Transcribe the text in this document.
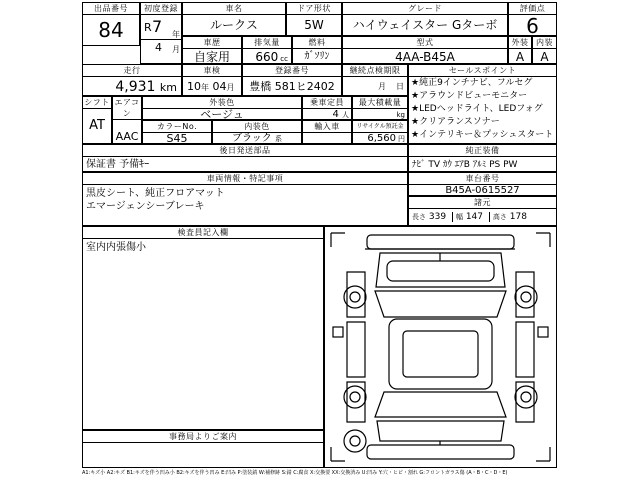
出品番号
84
初度登録
R 7 年
4 月
車名
ルークス
ドア形状
5W
グレード
ハイウェイスター Gターボ
評価点
6
車歴
自家用
排気量
660 cc
燃料
ｶﾞｿﾘﾝ
型式
4AA-B45A
外装
A
内装
A
走行
4,931 km
車検
10年 04月
登録番号
豊橋 581ヒ2402
継続点検期限
月 日
セールスポイント
★純正9インチナビ、フルセグ
★アラウンドビューモニター
★LEDヘッドライト、LEDフォグ
★クリアランスソナー
★インテリキー＆プッシュスタート
シフト
AT
エアコン
AAC
外装色
ベージュ
乗車定員
4 人
最大積載量
kg
カラーNo.
S45
内装色
ブラック 系
輸入車	リサイクル預託金
6,560 円
後日発送部品
保証書 予備ｷｰ
純正装備
ﾅﾋﾞ TV ｶｳ ｴｱB ｱﾙﾐ PS PW
車両情報・特記事項
黒皮シート、純正フロアマット
エマージェンシーブレーキ
車台番号
B45A-0615527
諸元
長さ 339 幅 147 高さ 178
検査員記入欄
室内内張傷小
事務局よりご案内
A1:キズ小 A2:キズ B1:キズを伴う凹み小 B2:キズを伴う凹み E:凹み P:塗装錆 W:補修跡 S:錆 C:腐食 X:交換要 XX:交換済み U:凹み Y:穴・ヒビ・割れ G:フロントガラス傷 (A・B・C・D・E)
